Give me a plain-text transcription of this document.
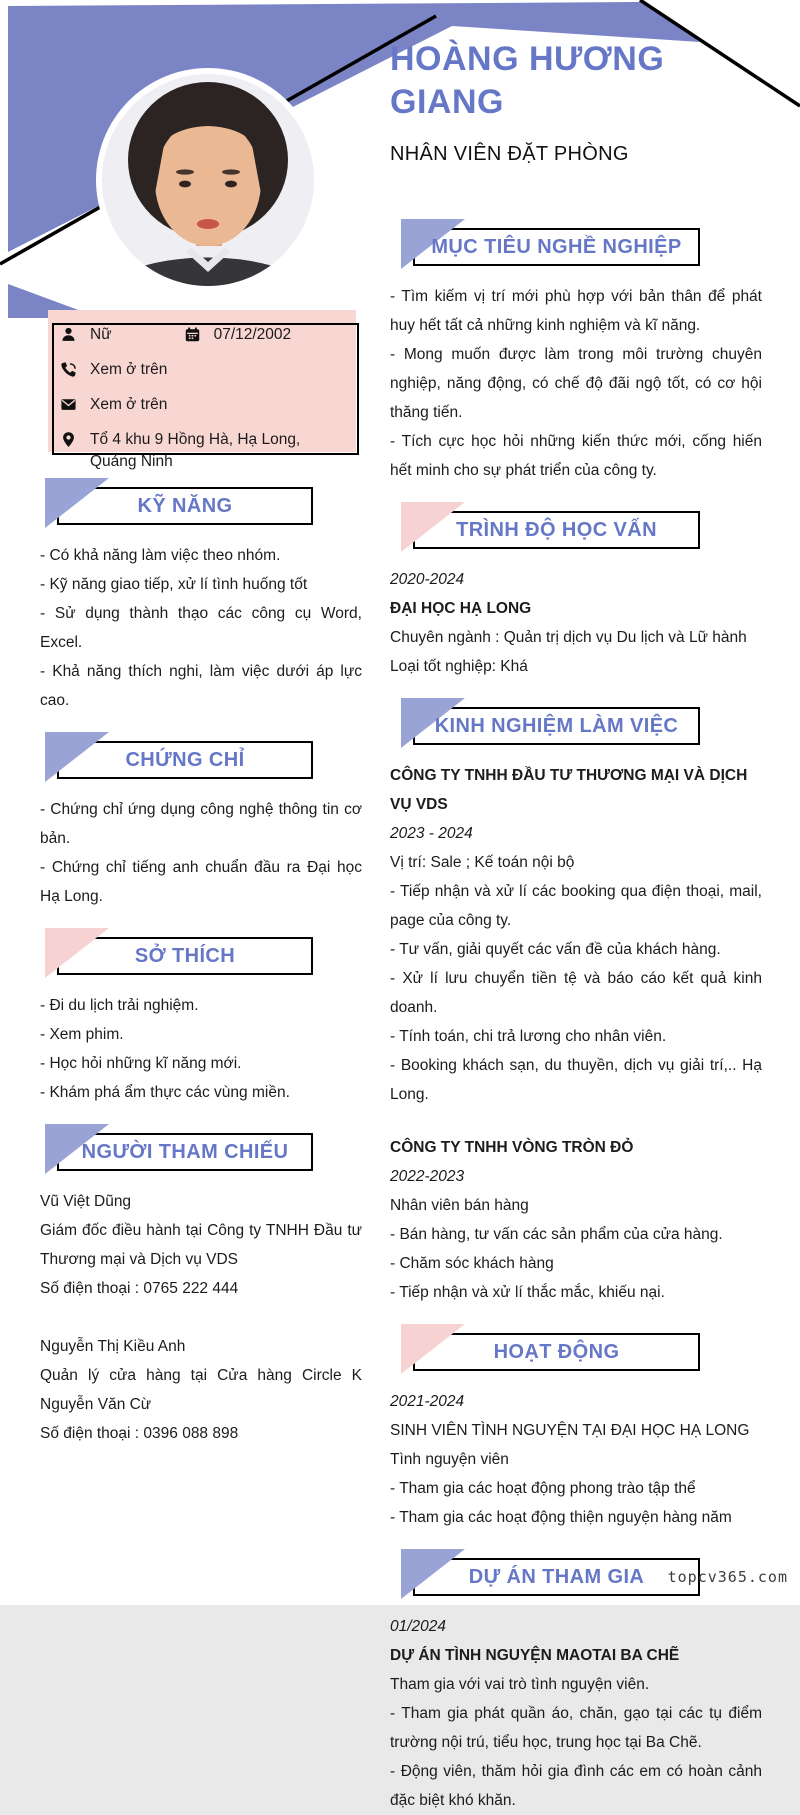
Nữ	07/12/2002
Xem ở trên
Xem ở trên
Tổ 4 khu 9 Hồng Hà, Hạ Long, Quảng Ninh
KỸ NĂNG

- Có khả năng làm việc theo nhóm.

- Kỹ năng giao tiếp, xử lí tình huống tốt

- Sử dụng thành thạo các công cụ Word, Excel.

- Khả năng thích nghi, làm việc dưới áp lực cao.

CHỨNG CHỈ

- Chứng chỉ ứng dụng công nghệ thông tin cơ bản.

- Chứng chỉ tiếng anh chuẩn đầu ra Đại học Hạ Long.

SỞ THÍCH

- Đi du lịch trải nghiệm.

- Xem phim.

- Học hỏi những kĩ năng mới.

- Khám phá ẩm thực các vùng miền.

NGƯỜI THAM CHIẾU

Vũ Việt Dũng

Giám đốc điều hành tại Công ty TNHH Đầu tư Thương mại và Dịch vụ VDS

Số điện thoại : 0765 222 444

Nguyễn Thị Kiều Anh

Quản lý cửa hàng tại Cửa hàng Circle K Nguyễn Văn Cừ

Số điện thoại : 0396 088 898

HOÀNG HƯƠNG GIANG
NHÂN VIÊN ĐẶT PHÒNG
MỤC TIÊU NGHỀ NGHIỆP

- Tìm kiếm vị trí mới phù hợp với bản thân để phát huy hết tất cả những kinh nghiệm và kĩ năng.

- Mong muốn được làm trong môi trường chuyên nghiệp, năng động, có chế độ đãi ngộ tốt, có cơ hội thăng tiến.

- Tích cực học hỏi những kiến thức mới, cống hiến hết minh cho sự phát triển của công ty.

TRÌNH ĐỘ HỌC VẤN

2020-2024

ĐẠI HỌC HẠ LONG

Chuyên ngành : Quản trị dịch vụ Du lịch và Lữ hành

Loại tốt nghiệp: Khá

KINH NGHIỆM LÀM VIỆC

CÔNG TY TNHH ĐẦU TƯ THƯƠNG MẠI VÀ DỊCH VỤ VDS

2023 - 2024

Vị trí: Sale ; Kế toán nội bộ

- Tiếp nhận và xử lí các booking qua điện thoại, mail, page của công ty.

- Tư vấn, giải quyết các vấn đề của khách hàng.

- Xử lí lưu chuyển tiền tệ và báo cáo kết quả kinh doanh.

- Tính toán, chi trả lương cho nhân viên.

- Booking khách sạn, du thuyền, dịch vụ giải trí,.. Hạ Long.

CÔNG TY TNHH VÒNG TRÒN ĐỎ

2022-2023

Nhân viên bán hàng

- Bán hàng, tư vấn các sản phẩm của cửa hàng.

- Chăm sóc khách hàng

- Tiếp nhận và xử lí thắc mắc, khiếu nại.

HOẠT ĐỘNG

2021-2024

SINH VIÊN TÌNH NGUYỆN TẠI ĐẠI HỌC HẠ LONG

Tình nguyện viên

- Tham gia các hoạt động phong trào tập thể

- Tham gia các hoạt động thiện nguyện hàng năm

DỰ ÁN THAM GIA

01/2024

DỰ ÁN TÌNH NGUYỆN MAOTAI BA CHẼ

Tham gia với vai trò tình nguyện viên.

- Tham gia phát quần áo, chăn, gạo tại các tụ điểm trường nội trú, tiểu học, trung học tại Ba Chẽ.

- Động viên, thăm hỏi gia đình các em có hoàn cảnh đặc biệt khó khăn.

topcv365.com
